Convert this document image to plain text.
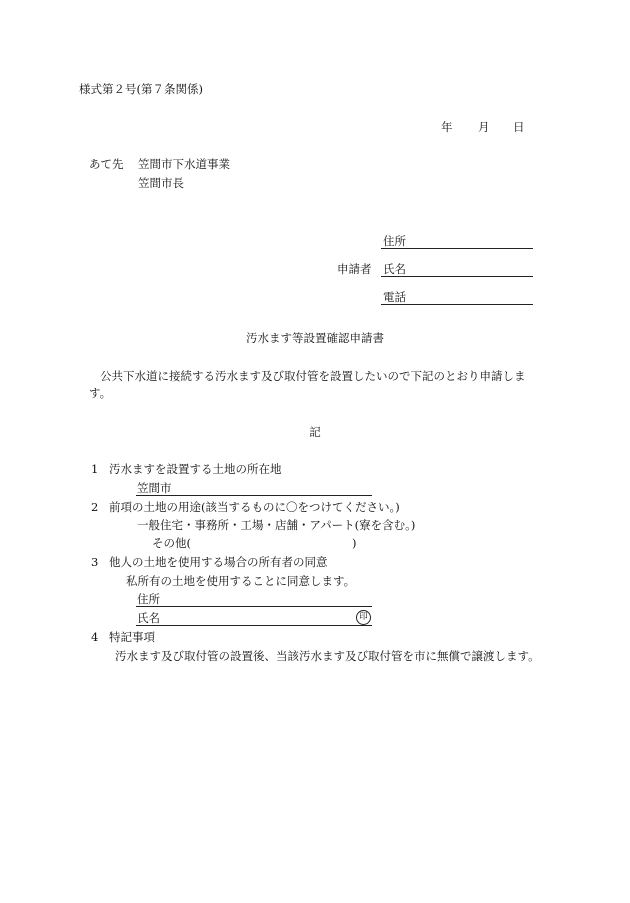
様式第２号(第７条関係)
年 月 日
あて先 笠間市下水道事業
笠間市長
住所
申請者 氏名
電話
汚水ます等設置確認申請書
公共下水道に接続する汚水ます及び取付管を設置したいので下記のとおり申請しま
す。
記
1 汚水ますを設置する土地の所在地
笠間市
2 前項の土地の用途(該当するものに〇をつけてください。)
一般住宅・事務所・工場・店舗・アパート(寮を含む。)
その他(	)
3 他人の土地を使用する場合の所有者の同意
私所有の土地を使用することに同意します。
住所
氏名	印
4 特記事項
汚水ます及び取付管の設置後、当該汚水ます及び取付管を市に無償で譲渡します。
